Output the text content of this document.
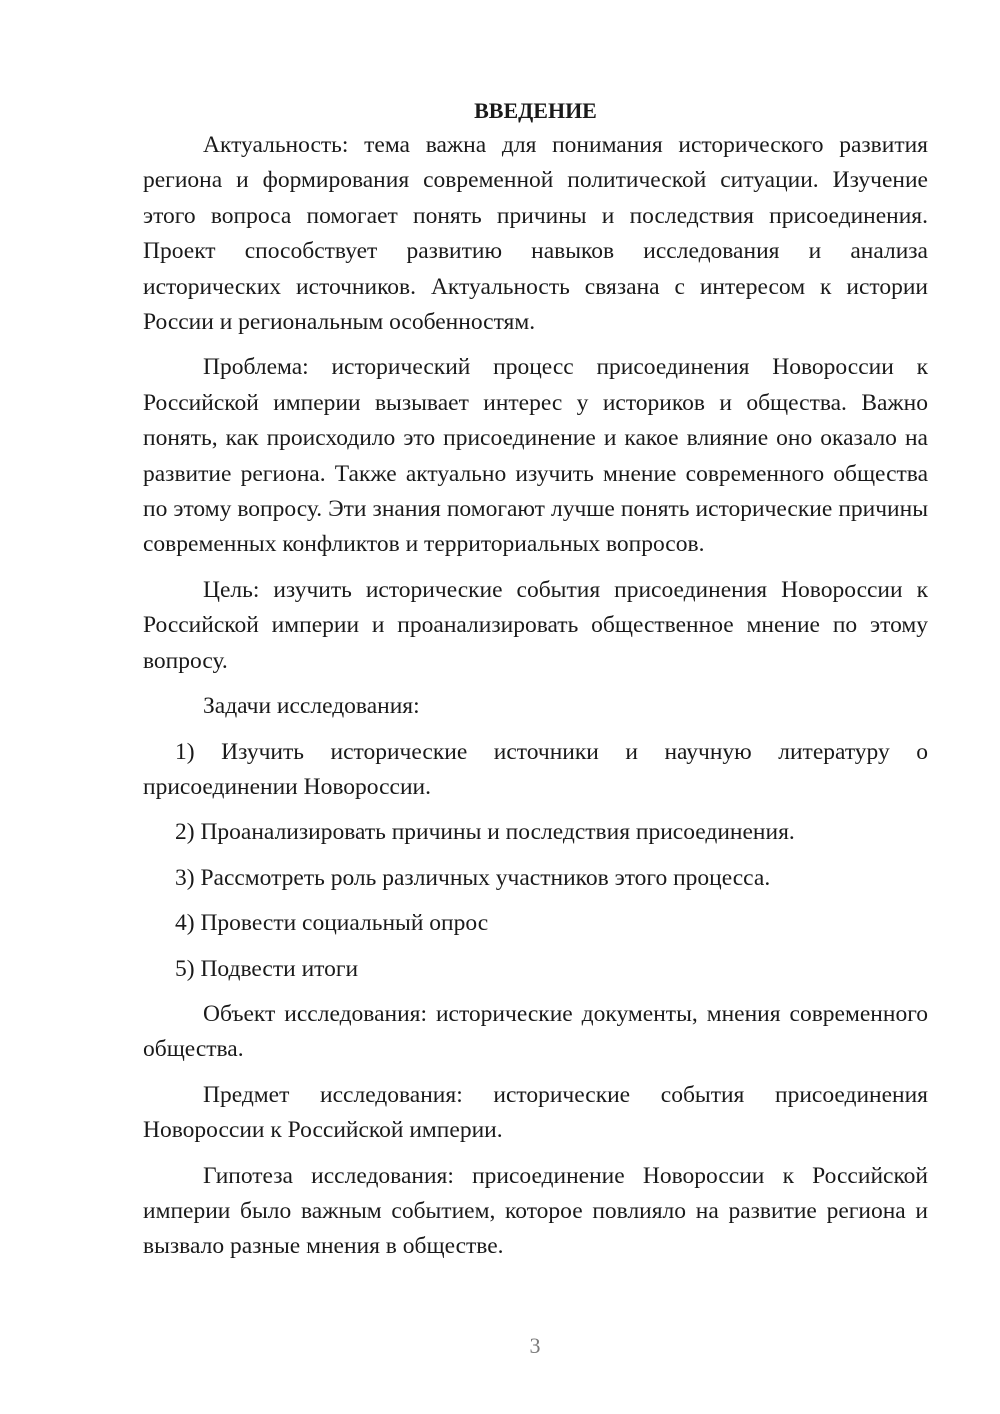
ВВЕДЕНИЕ

Актуальность: тема важна для понимания исторического развития региона и формирования современной политической ситуации. Изучение этого вопроса помогает понять причины и последствия присоединения. Проект способствует развитию навыков исследования и анализа исторических источников. Актуальность связана с интересом к истории России и региональным особенностям.

Проблема: исторический процесс присоединения Новороссии к Российской империи вызывает интерес у историков и общества. Важно понять, как происходило это присоединение и какое влияние оно оказало на развитие региона. Также актуально изучить мнение современного общества по этому вопросу. Эти знания помогают лучше понять исторические причины современных конфликтов и территориальных вопросов.

Цель: изучить исторические события присоединения Новороссии к Российской империи и проанализировать общественное мнение по этому вопросу.

Задачи исследования:

1) Изучить исторические источники и научную литературу о присоединении Новороссии.

2) Проанализировать причины и последствия присоединения.

3) Рассмотреть роль различных участников этого процесса.

4) Провести социальный опрос

5) Подвести итоги

Объект исследования: исторические документы, мнения современного общества.

Предмет исследования: исторические события присоединения Новороссии к Российской империи.

Гипотеза исследования: присоединение Новороссии к Российской империи было важным событием, которое повлияло на развитие региона и вызвало разные мнения в обществе.

3
